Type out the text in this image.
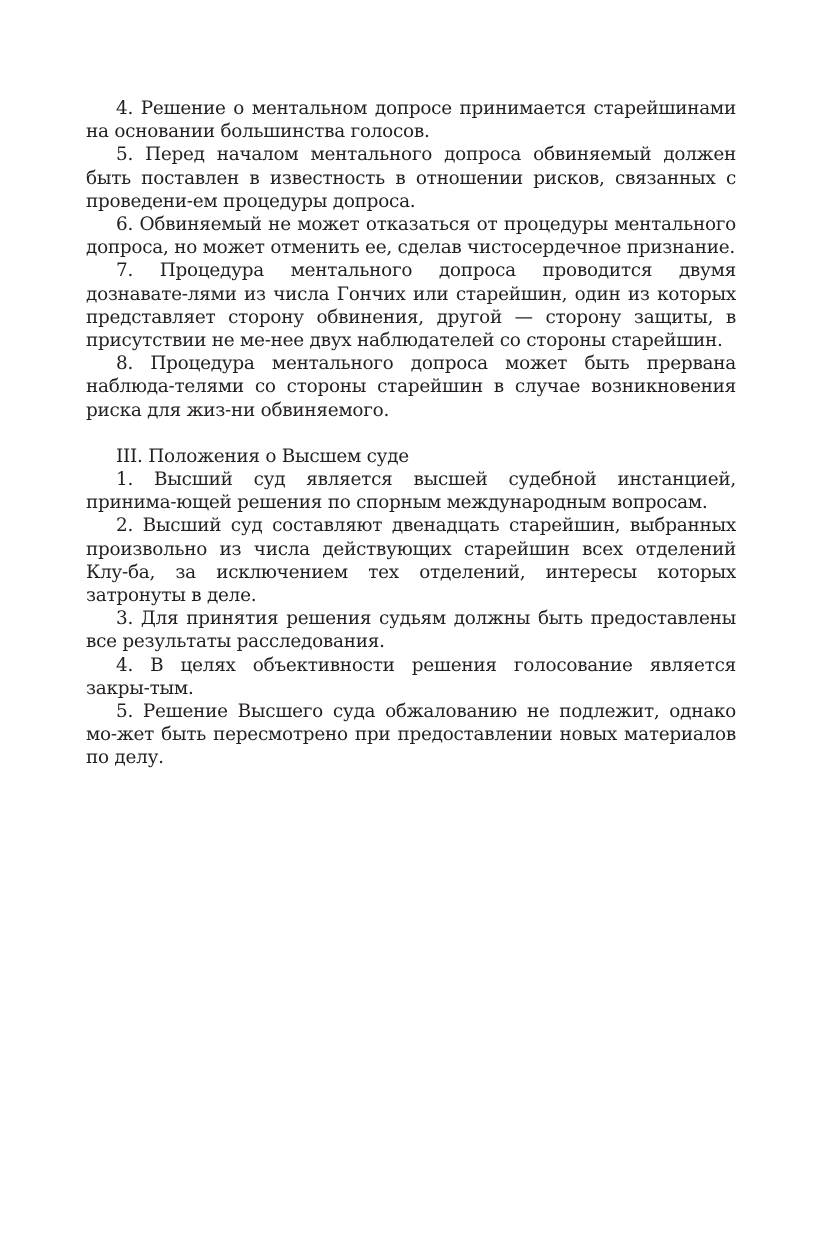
4. Решение о ментальном допросе принимается старейшинами на основании большинства голосов.

5. Перед началом ментального допроса обвиняемый должен быть поставлен в известность в отношении рисков, связанных с проведени-ем процедуры допроса.

6. Обвиняемый не может отказаться от процедуры ментального допроса, но может отменить ее, сделав чистосердечное признание.

7. Процедура ментального допроса проводится двумя дознавате-лями из числа Гончих или старейшин, один из которых представляет сторону обвинения, другой — сторону защиты, в присутствии не ме-нее двух наблюдателей со стороны старейшин.

8. Процедура ментального допроса может быть прервана наблюда-телями со стороны старейшин в случае возникновения риска для жиз-ни обвиняемого.

III. Положения о Высшем суде

1. Высший суд является высшей судебной инстанцией, принима-ющей решения по спорным международным вопросам.

2. Высший суд составляют двенадцать старейшин, выбранных произвольно из числа действующих старейшин всех отделений Клу-ба, за исключением тех отделений, интересы которых затронуты в деле.

3. Для принятия решения судьям должны быть предоставлены все результаты расследования.

4. В целях объективности решения голосование является закры-тым.

5. Решение Высшего суда обжалованию не подлежит, однако мо-жет быть пересмотрено при предоставлении новых материалов по делу.
